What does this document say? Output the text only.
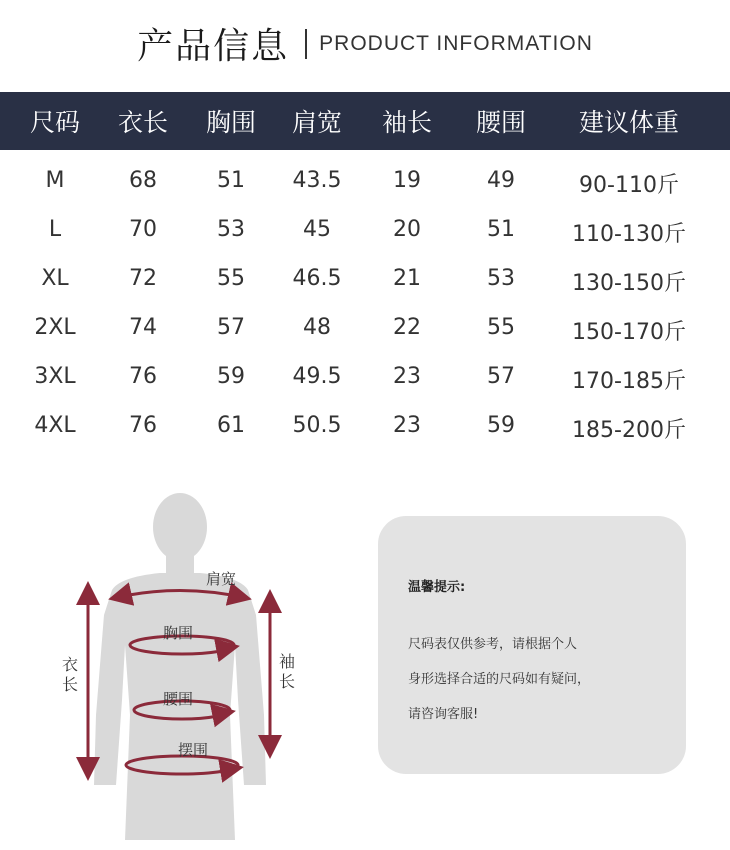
产品信息 PRODUCT INFORMATION
尺码 衣长 胸围 肩宽 袖长 腰围 建议体重
M	68	51 43.5 19	49	90-110斤
L	70	53	45	20	51	110-130斤
XL	72	55 46.5 21	53	130-150斤
2XL 74	57	48	22	55	150-170斤
3XL 76	59 49.5 23	57	170-185斤
4XL 76	61 50.5 23	59	185-200斤
肩宽
胸围
腰围
摆围
衣
长
袖
长
温馨提示:
尺码表仅供参考，请根据个人
身形选择合适的尺码如有疑问，
请咨询客服!
